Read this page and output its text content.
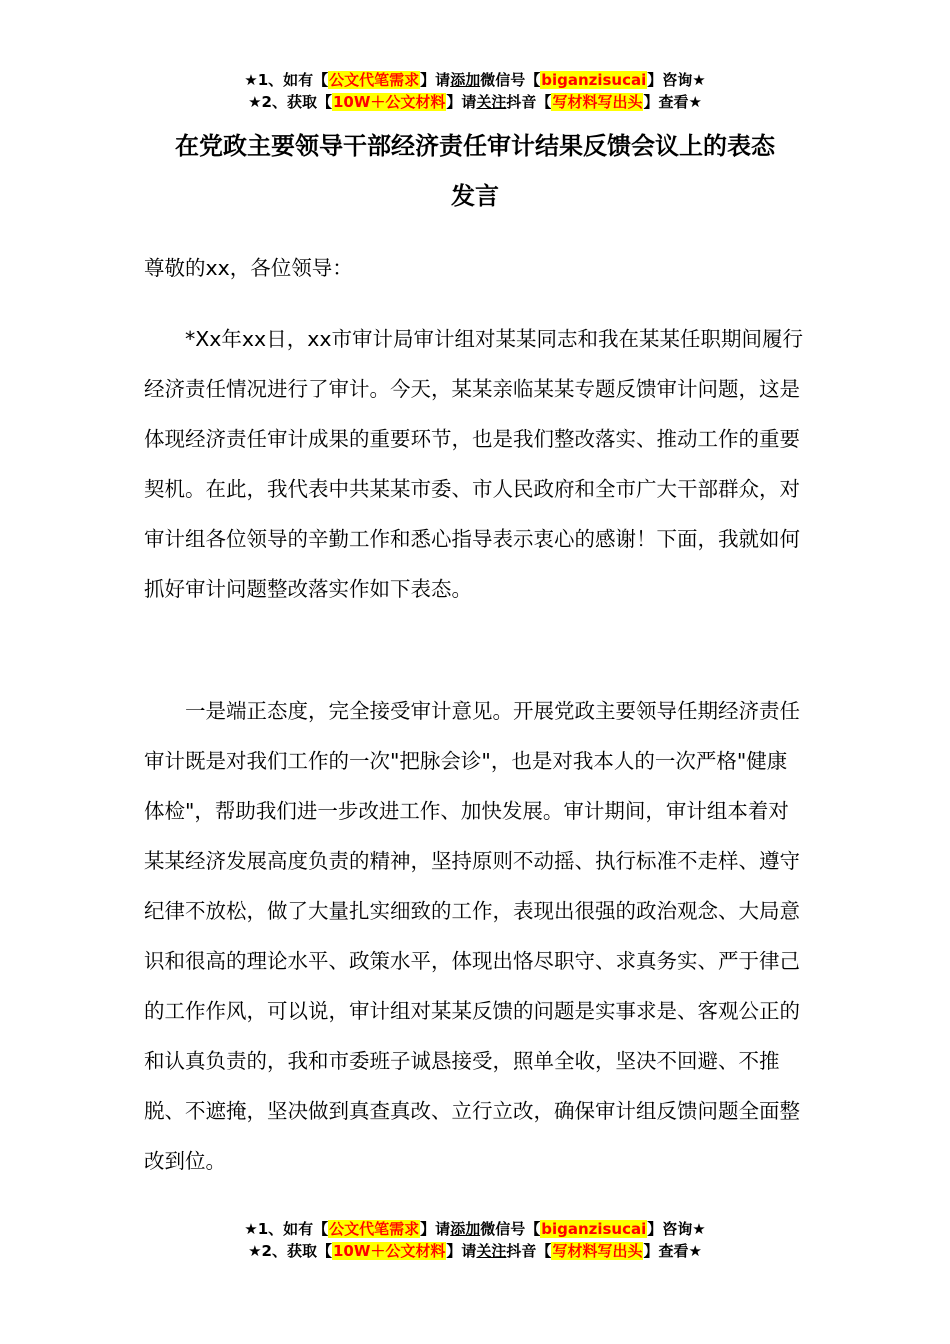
★1、如有【公文代笔需求】请添加微信号【biganzisucai】咨询★
★2、获取【10W＋公文材料】请关注抖音【写材料写出头】查看★
在党政主要领导干部经济责任审计结果反馈会议上的表态
发言

尊敬的xx，各位领导：

*Xx年xx日，xx市审计局审计组对某某同志和我在某某任职期间履行经济责任情况进行了审计。今天，某某亲临某某专题反馈审计问题，这是体现经济责任审计成果的重要环节，也是我们整改落实、推动工作的重要契机。在此，我代表中共某某市委、市人民政府和全市广大干部群众，对审计组各位领导的辛勤工作和悉心指导表示衷心的感谢！下面，我就如何抓好审计问题整改落实作如下表态。

一是端正态度，完全接受审计意见。开展党政主要领导任期经济责任审计既是对我们工作的一次"把脉会诊"，也是对我本人的一次严格"健康体检"，帮助我们进一步改进工作、加快发展。审计期间，审计组本着对某某经济发展高度负责的精神，坚持原则不动摇、执行标准不走样、遵守纪律不放松，做了大量扎实细致的工作，表现出很强的政治观念、大局意识和很高的理论水平、政策水平，体现出恪尽职守、求真务实、严于律己的工作作风，可以说，审计组对某某反馈的问题是实事求是、客观公正的和认真负责的，我和市委班子诚恳接受，照单全收，坚决不回避、不推脱、不遮掩，坚决做到真查真改、立行立改，确保审计组反馈问题全面整改到位。

★1、如有【公文代笔需求】请添加微信号【biganzisucai】咨询★
★2、获取【10W＋公文材料】请关注抖音【写材料写出头】查看★
